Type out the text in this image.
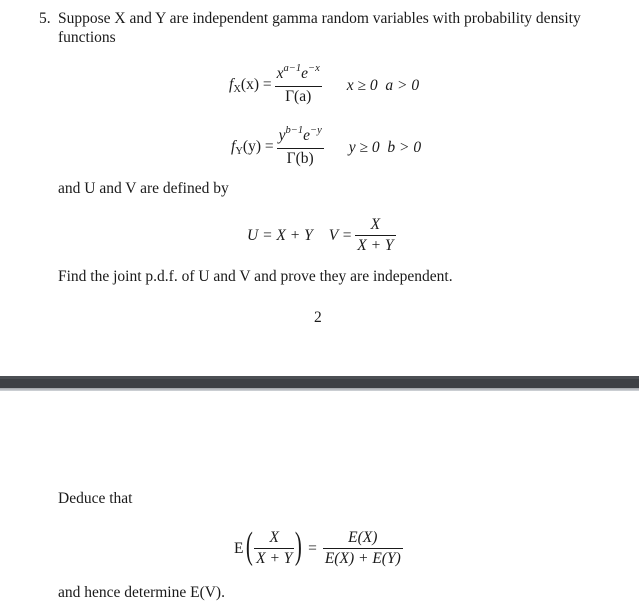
5. Suppose X and Y are independent gamma random variables with probability density
functions
$fX(x) = \frac{x^{a-1}e^{-x}}{\Gamma(a)}$ x ≥ 0  a > 0
$fY(y) = \frac{y^{b-1}e^{-y}}{\Gamma(b)}$ y ≥ 0  b > 0
and U and V are defined by
U = X + Y $V = \frac{X}{X + Y}$
Find the joint p.d.f. of U and V and prove they are independent.
2
Deduce that
E ( $\frac{X}{X + Y}$ ) = $\frac{E(X)}{E(X) + E(Y)}$
and hence determine E(V).
